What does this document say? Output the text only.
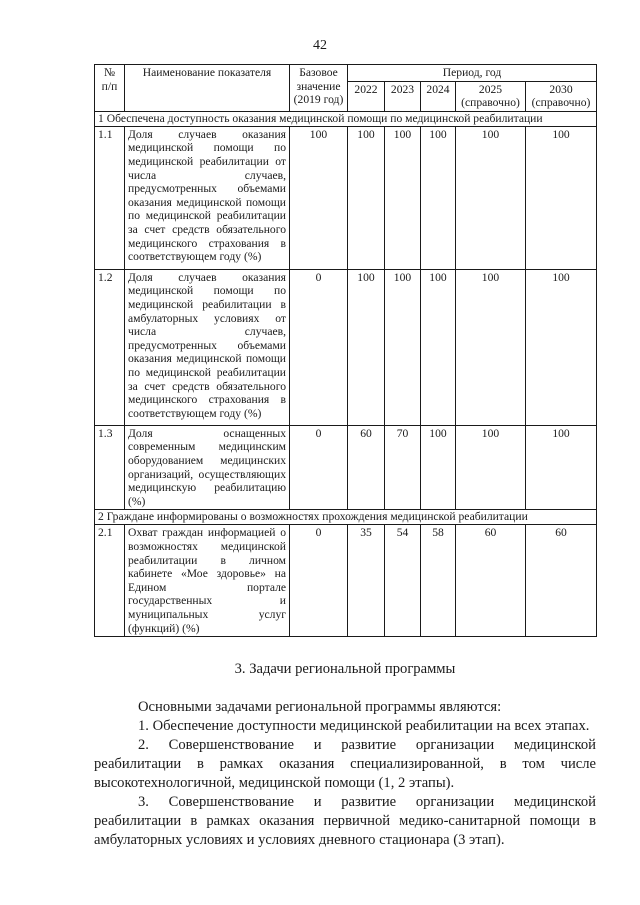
42
№ п/п	Наименование показателя	Базовое значение (2019 год)	Период, год				
			2022	2023	2024	2025 (справочно)	2030 (справочно)
1 Обеспечена доступность оказания медицинской помощи по медицинской реабилитации							
1.1	Доля случаев оказания медицинской помощи по медицинской реабилитации от числа случаев, предусмотренных объемами оказания медицинской помощи по медицинской реабилитации за счет средств обязательного медицинского страхования в соответствующем году (%)	100	100	100	100	100	100
1.2	Доля случаев оказания медицинской помощи по медицинской реабилитации в амбулаторных условиях от числа случаев, предусмотренных объемами оказания медицинской помощи по медицинской реабилитации за счет средств обязательного медицинского страхования в соответствующем году (%)	0	100	100	100	100	100
1.3	Доля оснащенных современным медицинским оборудованием медицинских организаций, осуществляющих медицинскую реабилитацию (%)	0	60	70	100	100	100
2 Граждане информированы о возможностях прохождения медицинской реабилитации							
2.1	Охват граждан информацией о возможностях медицинской реабилитации в личном кабинете «Мое здоровье» на Едином портале государственных и муниципальных услуг (функций) (%)	0	35	54	58	60	60
3. Задачи региональной программы

Основными задачами региональной программы являются:

1. Обеспечение доступности медицинской реабилитации на всех этапах.

2. Совершенствование и развитие организации медицинской реабилитации в рамках оказания специализированной, в том числе высокотехнологичной, медицинской помощи (1, 2 этапы).

3. Совершенствование и развитие организации медицинской реабилитации в рамках оказания первичной медико-санитарной помощи в амбулаторных условиях и условиях дневного стационара (3 этап).
